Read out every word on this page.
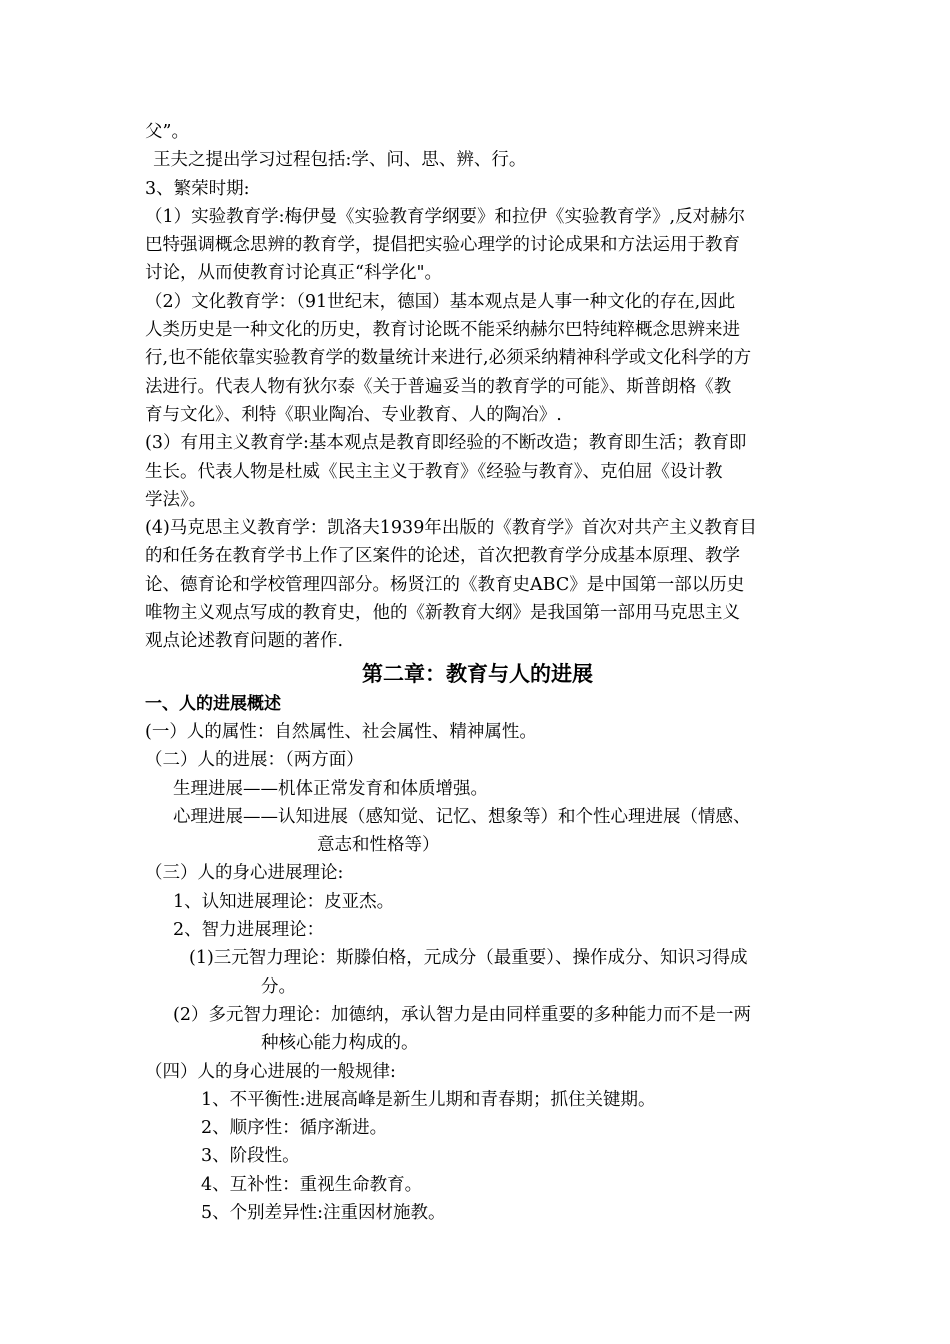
父”。
王夫之提出学习过程包括:学、问、思、辨、行。
3、繁荣时期:
（1）实验教育学:梅伊曼《实验教育学纲要》和拉伊《实验教育学》,反对赫尔
巴特强调概念思辨的教育学，提倡把实验心理学的讨论成果和方法运用于教育
讨论，从而使教育讨论真正“科学化"。
（2）文化教育学：（91世纪末，德国）基本观点是人事一种文化的存在,因此
人类历史是一种文化的历史，教育讨论既不能采纳赫尔巴特纯粹概念思辨来进
行,也不能依靠实验教育学的数量统计来进行,必须采纳精神科学或文化科学的方
法进行。代表人物有狄尔泰《关于普遍妥当的教育学的可能》、斯普朗格《教
育与文化》、利特《职业陶冶、专业教育、人的陶冶》.
(3）有用主义教育学:基本观点是教育即经验的不断改造；教育即生活；教育即
生长。代表人物是杜威《民主主义于教育》《经验与教育》、克伯屈《设计教
学法》。
(4)马克思主义教育学：凯洛夫1939年出版的《教育学》首次对共产主义教育目
的和任务在教育学书上作了区案件的论述，首次把教育学分成基本原理、教学
论、德育论和学校管理四部分。杨贤江的《教育史ABC》是中国第一部以历史
唯物主义观点写成的教育史，他的《新教育大纲》是我国第一部用马克思主义
观点论述教育问题的著作.
第二章：教育与人的进展
一、人的进展概述
(一）人的属性：自然属性、社会属性、精神属性。
（二）人的进展：（两方面）
生理进展——机体正常发育和体质增强。
心理进展——认知进展（感知觉、记忆、想象等）和个性心理进展（情感、
意志和性格等）
（三）人的身心进展理论:
1、认知进展理论：皮亚杰。
2、智力进展理论：
(1)三元智力理论：斯滕伯格，元成分（最重要）、操作成分、知识习得成
分。
(2）多元智力理论：加德纳，承认智力是由同样重要的多种能力而不是一两
种核心能力构成的。
（四）人的身心进展的一般规律:
1、不平衡性:进展高峰是新生儿期和青春期；抓住关键期。
2、顺序性：循序渐进。
3、阶段性。
4、互补性：重视生命教育。
5、个别差异性:注重因材施教。
